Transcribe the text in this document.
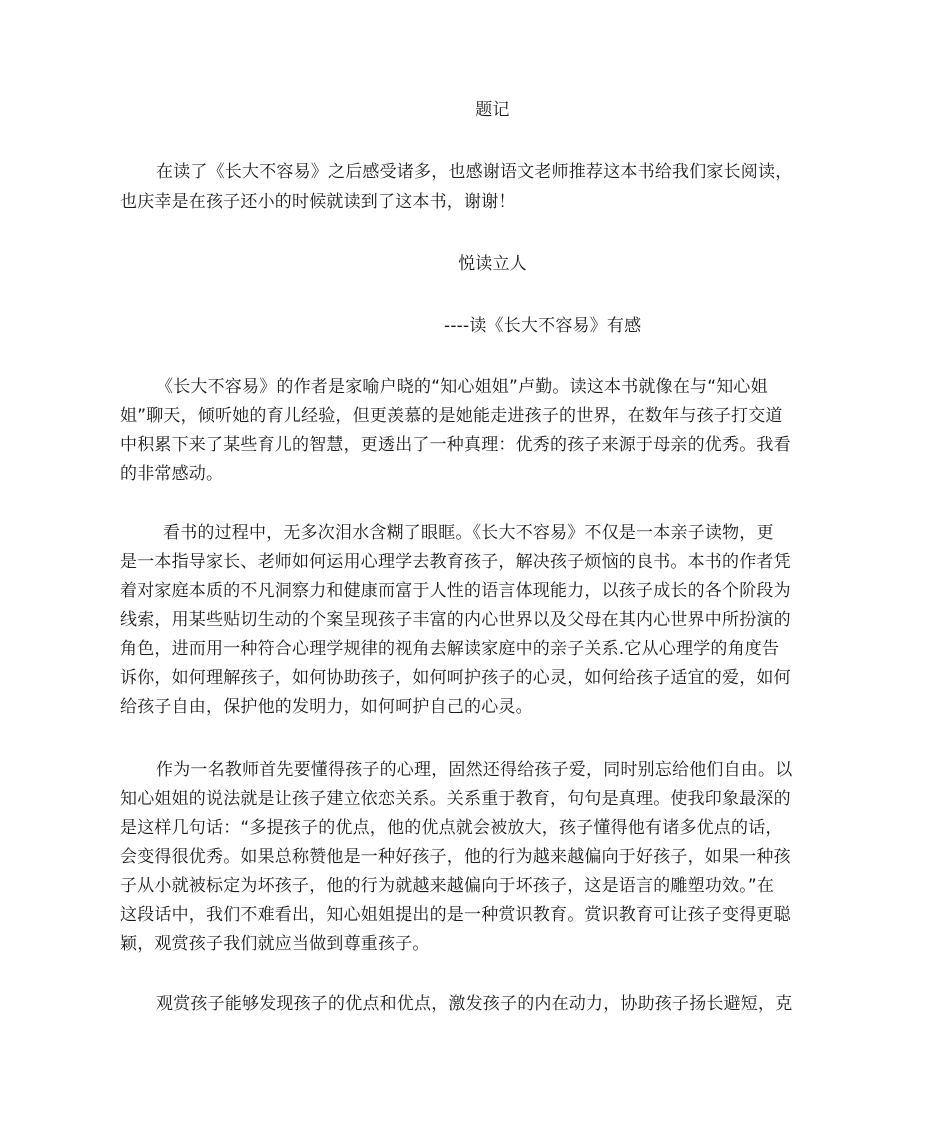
题记
在读了《长大不容易》之后感受诸多，也感谢语文老师推荐这本书给我们家长阅读，
也庆幸是在孩子还小的时候就读到了这本书，谢谢！
悦读立人
----读《长大不容易》有感
《长大不容易》的作者是家喻户晓的“知心姐姐”卢勤。读这本书就像在与“知心姐
姐”聊天，倾听她的育儿经验，但更羡慕的是她能走进孩子的世界，在数年与孩子打交道
中积累下来了某些育儿的智慧，更透出了一种真理：优秀的孩子来源于母亲的优秀。我看
的非常感动。
看书的过程中，无多次泪水含糊了眼眶。《长大不容易》不仅是一本亲子读物，更
是一本指导家长、老师如何运用心理学去教育孩子，解决孩子烦恼的良书。本书的作者凭
着对家庭本质的不凡洞察力和健康而富于人性的语言体现能力，以孩子成长的各个阶段为
线索，用某些贴切生动的个案呈现孩子丰富的内心世界以及父母在其内心世界中所扮演的
角色，进而用一种符合心理学规律的视角去解读家庭中的亲子关系.它从心理学的角度告
诉你，如何理解孩子，如何协助孩子，如何呵护孩子的心灵，如何给孩子适宜的爱，如何
给孩子自由，保护他的发明力，如何呵护自己的心灵。
作为一名教师首先要懂得孩子的心理，固然还得给孩子爱，同时别忘给他们自由。以
知心姐姐的说法就是让孩子建立依恋关系。关系重于教育，句句是真理。使我印象最深的
是这样几句话：“多提孩子的优点，他的优点就会被放大，孩子懂得他有诸多优点的话，
会变得很优秀。如果总称赞他是一种好孩子，他的行为越来越偏向于好孩子，如果一种孩
子从小就被标定为坏孩子，他的行为就越来越偏向于坏孩子，这是语言的雕塑功效。”在
这段话中，我们不难看出，知心姐姐提出的是一种赏识教育。赏识教育可让孩子变得更聪
颖，观赏孩子我们就应当做到尊重孩子。
观赏孩子能够发现孩子的优点和优点，激发孩子的内在动力，协助孩子扬长避短，克
